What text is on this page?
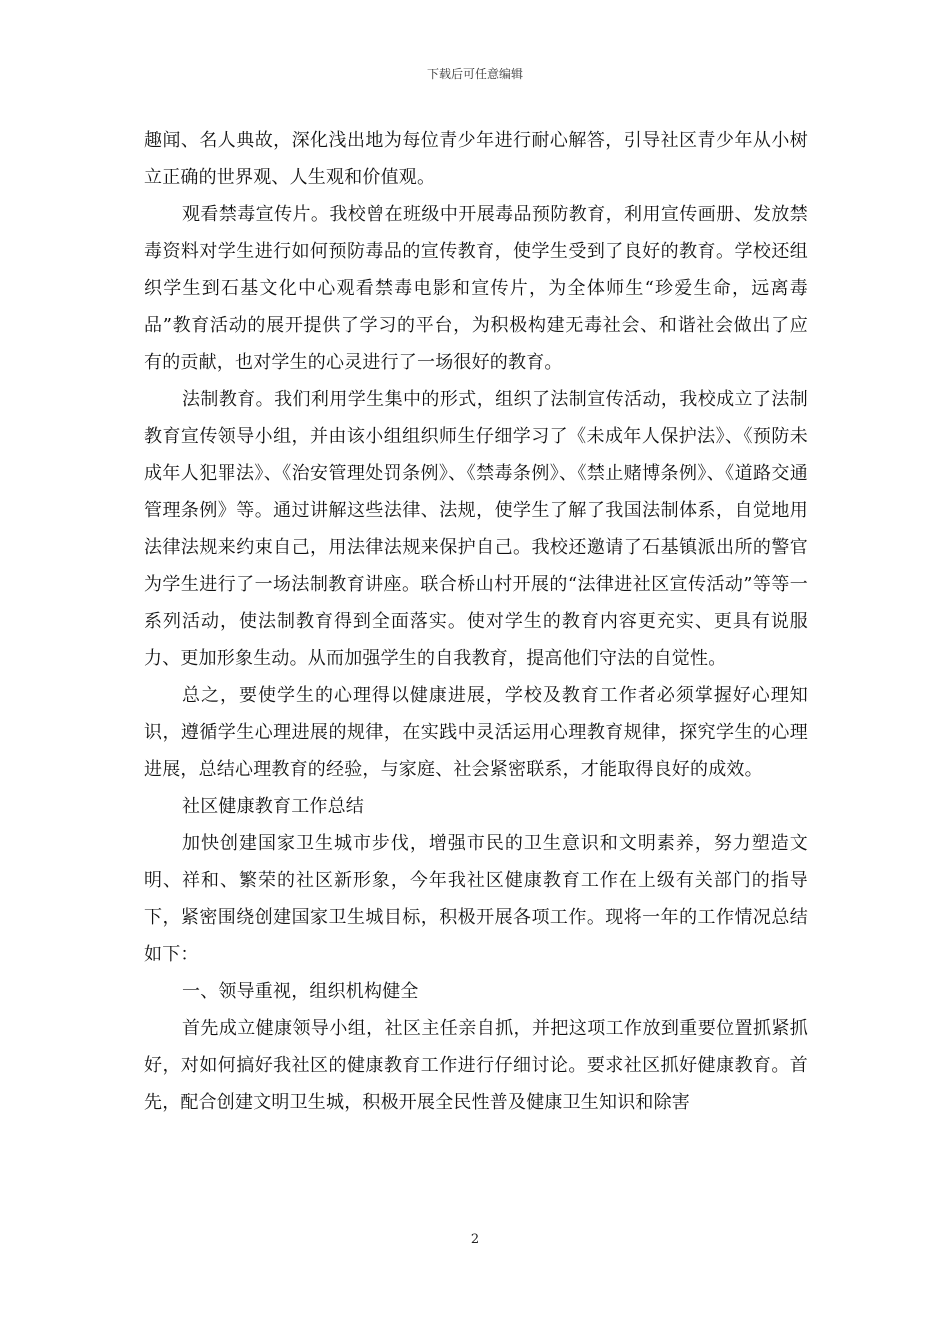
下载后可任意编辑

趣闻、名人典故，深化浅出地为每位青少年进行耐心解答，引导社区青少年从小树立正确的世界观、人生观和价值观。

观看禁毒宣传片。我校曾在班级中开展毒品预防教育，利用宣传画册、发放禁毒资料对学生进行如何预防毒品的宣传教育，使学生受到了良好的教育。学校还组织学生到石基文化中心观看禁毒电影和宣传片，为全体师生“珍爱生命，远离毒品”教育活动的展开提供了学习的平台，为积极构建无毒社会、和谐社会做出了应有的贡献，也对学生的心灵进行了一场很好的教育。

法制教育。我们利用学生集中的形式，组织了法制宣传活动，我校成立了法制教育宣传领导小组，并由该小组组织师生仔细学习了《未成年人保护法》、《预防未成年人犯罪法》、《治安管理处罚条例》、《禁毒条例》、《禁止赌博条例》、《道路交通管理条例》等。通过讲解这些法律、法规，使学生了解了我国法制体系，自觉地用法律法规来约束自己，用法律法规来保护自己。我校还邀请了石基镇派出所的警官为学生进行了一场法制教育讲座。联合桥山村开展的“法律进社区宣传活动”等等一系列活动，使法制教育得到全面落实。使对学生的教育内容更充实、更具有说服力、更加形象生动。从而加强学生的自我教育，提高他们守法的自觉性。

总之，要使学生的心理得以健康进展，学校及教育工作者必须掌握好心理知识，遵循学生心理进展的规律，在实践中灵活运用心理教育规律，探究学生的心理进展，总结心理教育的经验，与家庭、社会紧密联系，才能取得良好的成效。

社区健康教育工作总结

加快创建国家卫生城市步伐，增强市民的卫生意识和文明素养，努力塑造文明、祥和、繁荣的社区新形象，今年我社区健康教育工作在上级有关部门的指导下，紧密围绕创建国家卫生城目标，积极开展各项工作。现将一年的工作情况总结如下：

一、领导重视，组织机构健全

首先成立健康领导小组，社区主任亲自抓，并把这项工作放到重要位置抓紧抓好，对如何搞好我社区的健康教育工作进行仔细讨论。要求社区抓好健康教育。首先，配合创建文明卫生城，积极开展全民性普及健康卫生知识和除害

2
